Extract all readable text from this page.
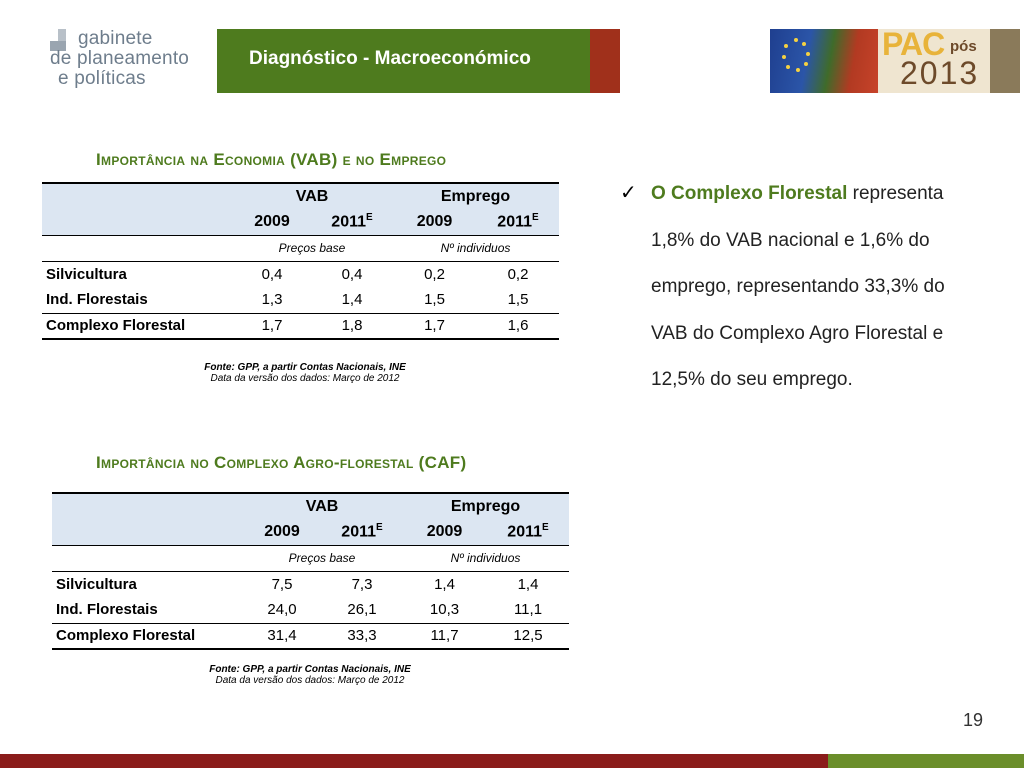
gabinete
de planeamento
e políticas
Diagnóstico - Macroeconómico	PAC pós
2013
Importância na Economia (VAB) e no Emprego
	VAB		Emprego	
	2009	$2011^E$	2009	$2011^E$
	Preços base		Nº individuos	
Silvicultura	0,4	0,4	0,2	0,2
Ind. Florestais	1,3	1,4	1,5	1,5
Complexo Florestal	1,7	1,8	1,7	1,6
Fonte: GPP, a partir Contas Nacionais, INE
Data da versão dos dados: Março de 2012
Importância no Complexo Agro-florestal (CAF)
	VAB		Emprego	
	2009	$2011^E$	2009	$2011^E$
	Preços base		Nº individuos	
Silvicultura	7,5	7,3	1,4	1,4
Ind. Florestais	24,0	26,1	10,3	11,1
Complexo Florestal	31,4	33,3	11,7	12,5
Fonte: GPP, a partir Contas Nacionais, INE
Data da versão dos dados: Março de 2012
✓ O Complexo Florestal representa 1,8% do VAB nacional e 1,6% do emprego, representando 33,3% do VAB do Complexo Agro Florestal e 12,5% do seu emprego.
19
